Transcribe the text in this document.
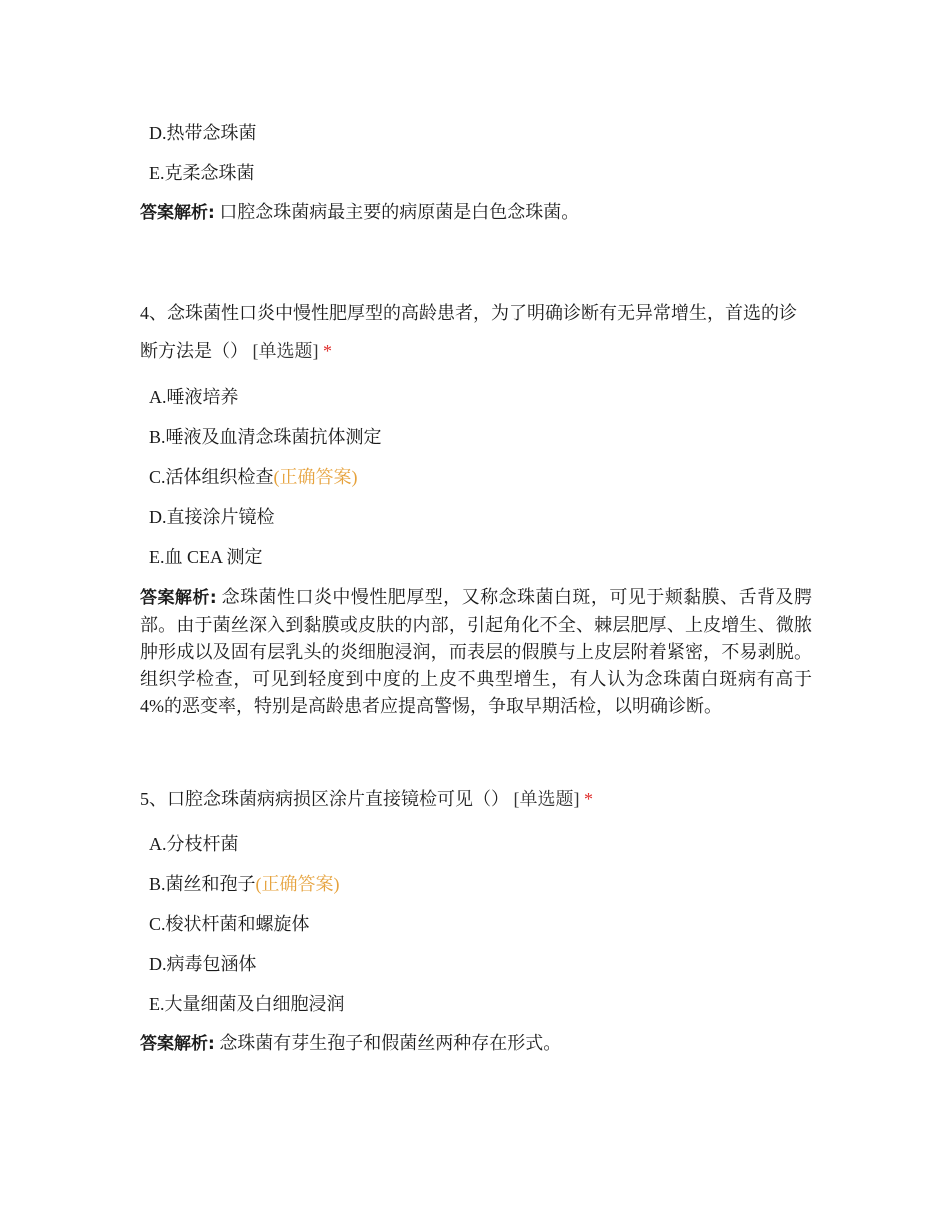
D.热带念珠菌
E.克柔念珠菌
答案解析: 口腔念珠菌病最主要的病原菌是白色念珠菌。
4、念珠菌性口炎中慢性肥厚型的高龄患者，为了明确诊断有无异常增生，首选的诊断方法是（） [单选题] *
A.唾液培养
B.唾液及血清念珠菌抗体测定
C.活体组织检查(正确答案)
D.直接涂片镜检
E.血 CEA 测定
答案解析: 念珠菌性口炎中慢性肥厚型，又称念珠菌白斑，可见于颊黏膜、舌背及腭部。由于菌丝深入到黏膜或皮肤的内部，引起角化不全、棘层肥厚、上皮增生、微脓肿形成以及固有层乳头的炎细胞浸润，而表层的假膜与上皮层附着紧密，不易剥脱。组织学检查，可见到轻度到中度的上皮不典型增生，有人认为念珠菌白斑病有高于 4%的恶变率，特别是高龄患者应提高警惕，争取早期活检，以明确诊断。
5、口腔念珠菌病病损区涂片直接镜检可见（） [单选题] *
A.分枝杆菌
B.菌丝和孢子(正确答案)
C.梭状杆菌和螺旋体
D.病毒包涵体
E.大量细菌及白细胞浸润
答案解析: 念珠菌有芽生孢子和假菌丝两种存在形式。
